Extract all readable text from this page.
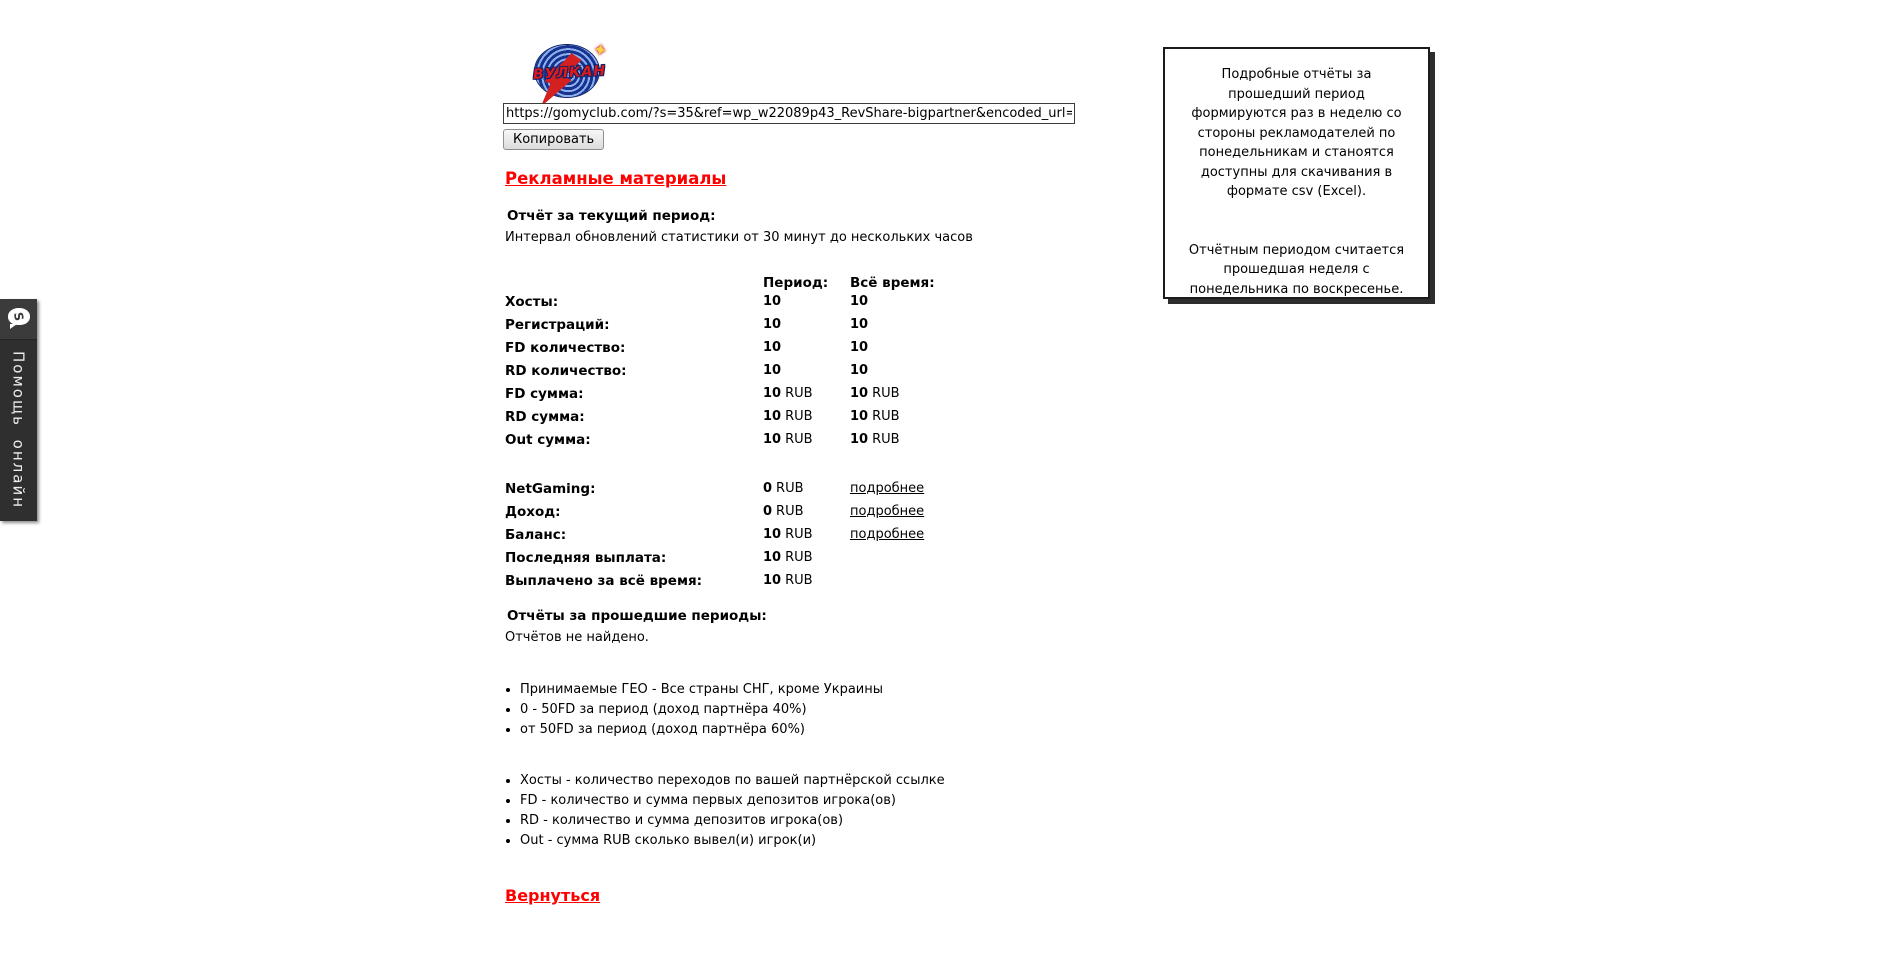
✦
ВУЛКАН
https://gomyclub.com/?s=35&ref=wp_w22089p43_RevShare-bigpartner&encoded_url=cmVnaXN
Копировать
Рекламные материалы
Отчёт за текущий период:
Интервал обновлений статистики от 30 минут до нескольких часов
Период: Всё время:
Хосты:	10	10
Регистраций:	10	10
FD количество:	10	10
RD количество:	10	10
FD сумма:	10 RUB	10 RUB
RD сумма:	10 RUB	10 RUB
Out сумма:	10 RUB	10 RUB
NetGaming:	0 RUB	подробнее
Доход:	0 RUB	подробнее
Баланс:	10 RUB	подробнее
Последняя выплата:	10 RUB
Выплачено за всё время:	10 RUB
Отчёты за прошедшие периоды:
Отчётов не найдено.
• Принимаемые ГЕО - Все страны СНГ, кроме Украины
• 0 - 50FD за период (доход партнёра 40%)
• от 50FD за период (доход партнёра 60%)
• Хосты - количество переходов по вашей партнёрской ссылке
• FD - количество и сумма первых депозитов игрока(ов)
• RD - количество и сумма депозитов игрока(ов)
• Out - сумма RUB сколько вывел(и) игрок(и)
Вернуться

Подробные отчёты за прошедший период формируются раз в неделю со стороны рекламодателей по понедельникам и станоятся доступны для скачивания в формате csv (Excel).

Отчётным периодом считается прошедшая неделя с понедельника по воскресенье.

S
Помощь онлайн
